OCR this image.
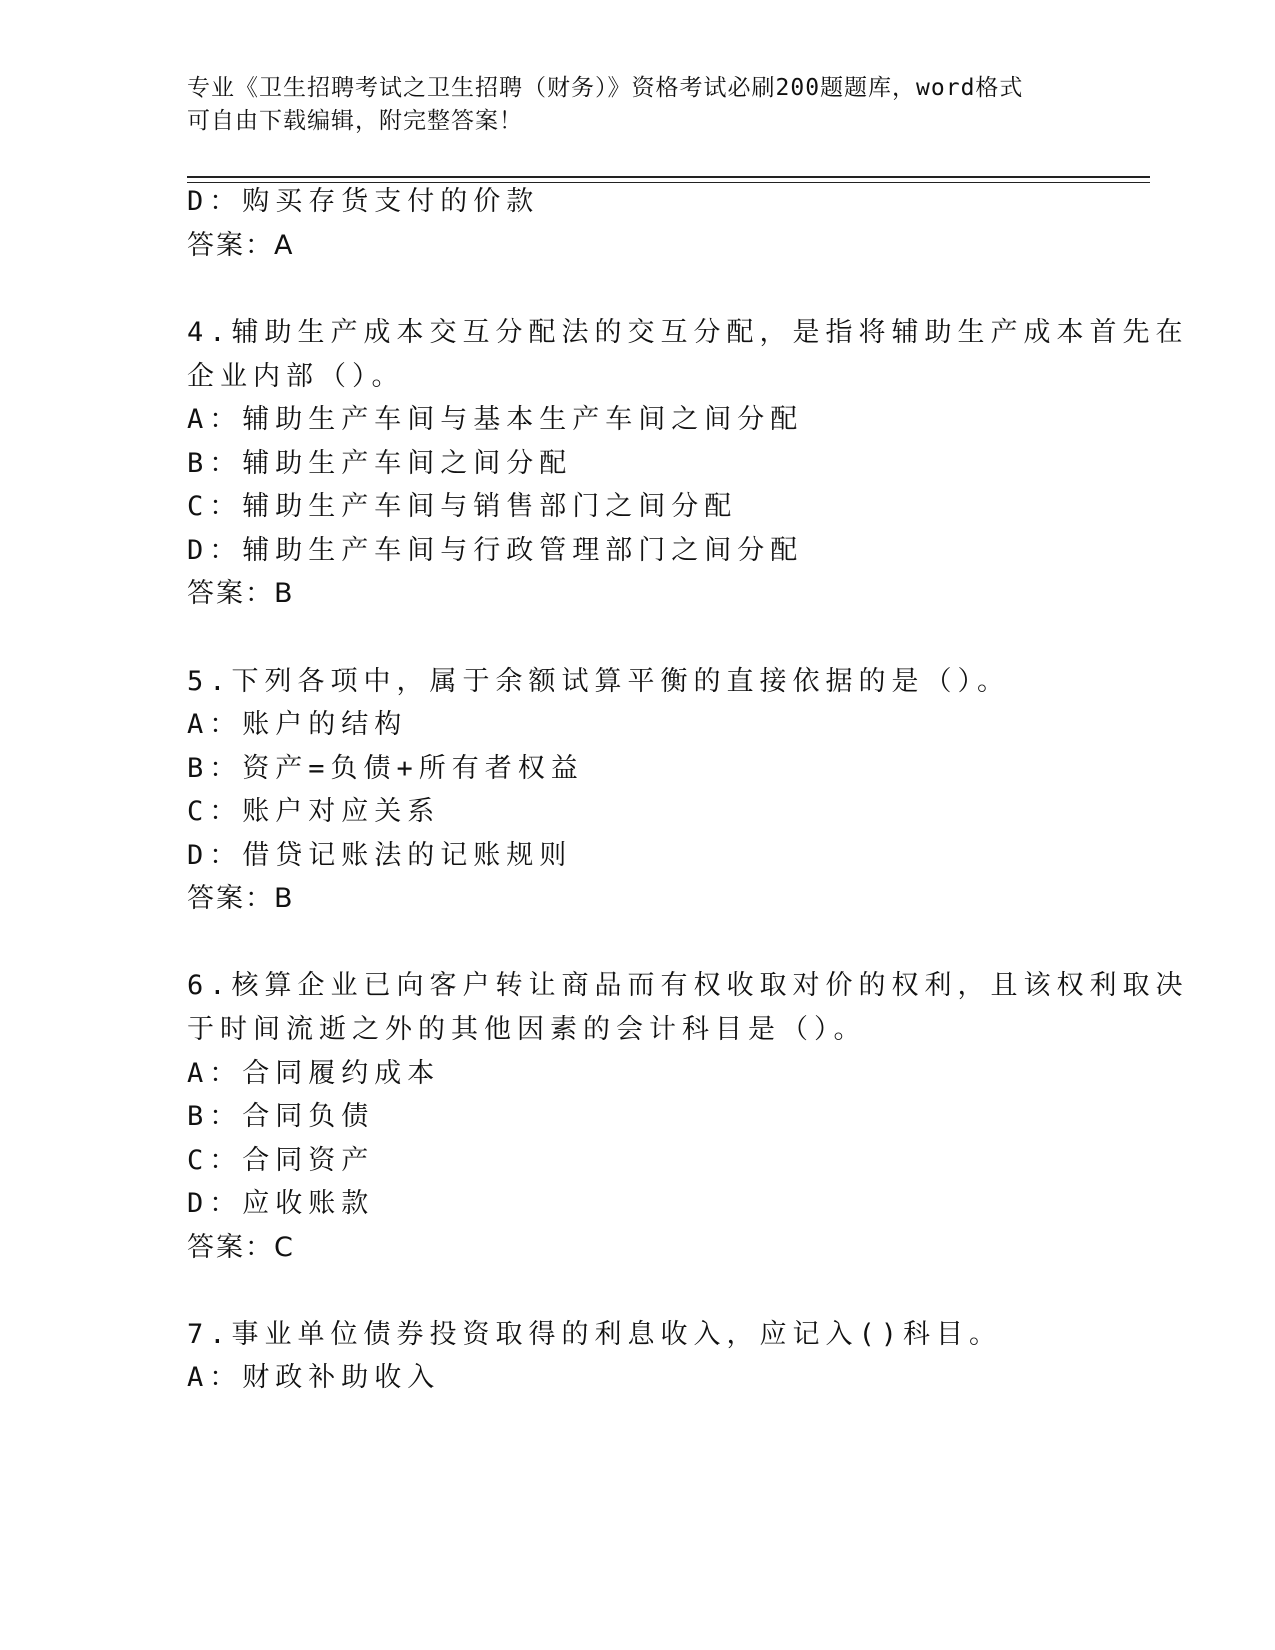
专业《卫生招聘考试之卫生招聘（财务）》资格考试必刷200题题库，word格式
可自由下载编辑，附完整答案！
D：购买存货支付的价款
答案：A
4.辅助生产成本交互分配法的交互分配，是指将辅助生产成本首先在
企业内部（）。
A：辅助生产车间与基本生产车间之间分配
B：辅助生产车间之间分配
C：辅助生产车间与销售部门之间分配
D：辅助生产车间与行政管理部门之间分配
答案：B
5.下列各项中，属于余额试算平衡的直接依据的是（）。
A：账户的结构
B：资产=负债+所有者权益
C：账户对应关系
D：借贷记账法的记账规则
答案：B
6.核算企业已向客户转让商品而有权收取对价的权利，且该权利取决
于时间流逝之外的其他因素的会计科目是（）。
A：合同履约成本
B：合同负债
C：合同资产
D：应收账款
答案：C
7.事业单位债券投资取得的利息收入，应记入()科目。
A：财政补助收入
